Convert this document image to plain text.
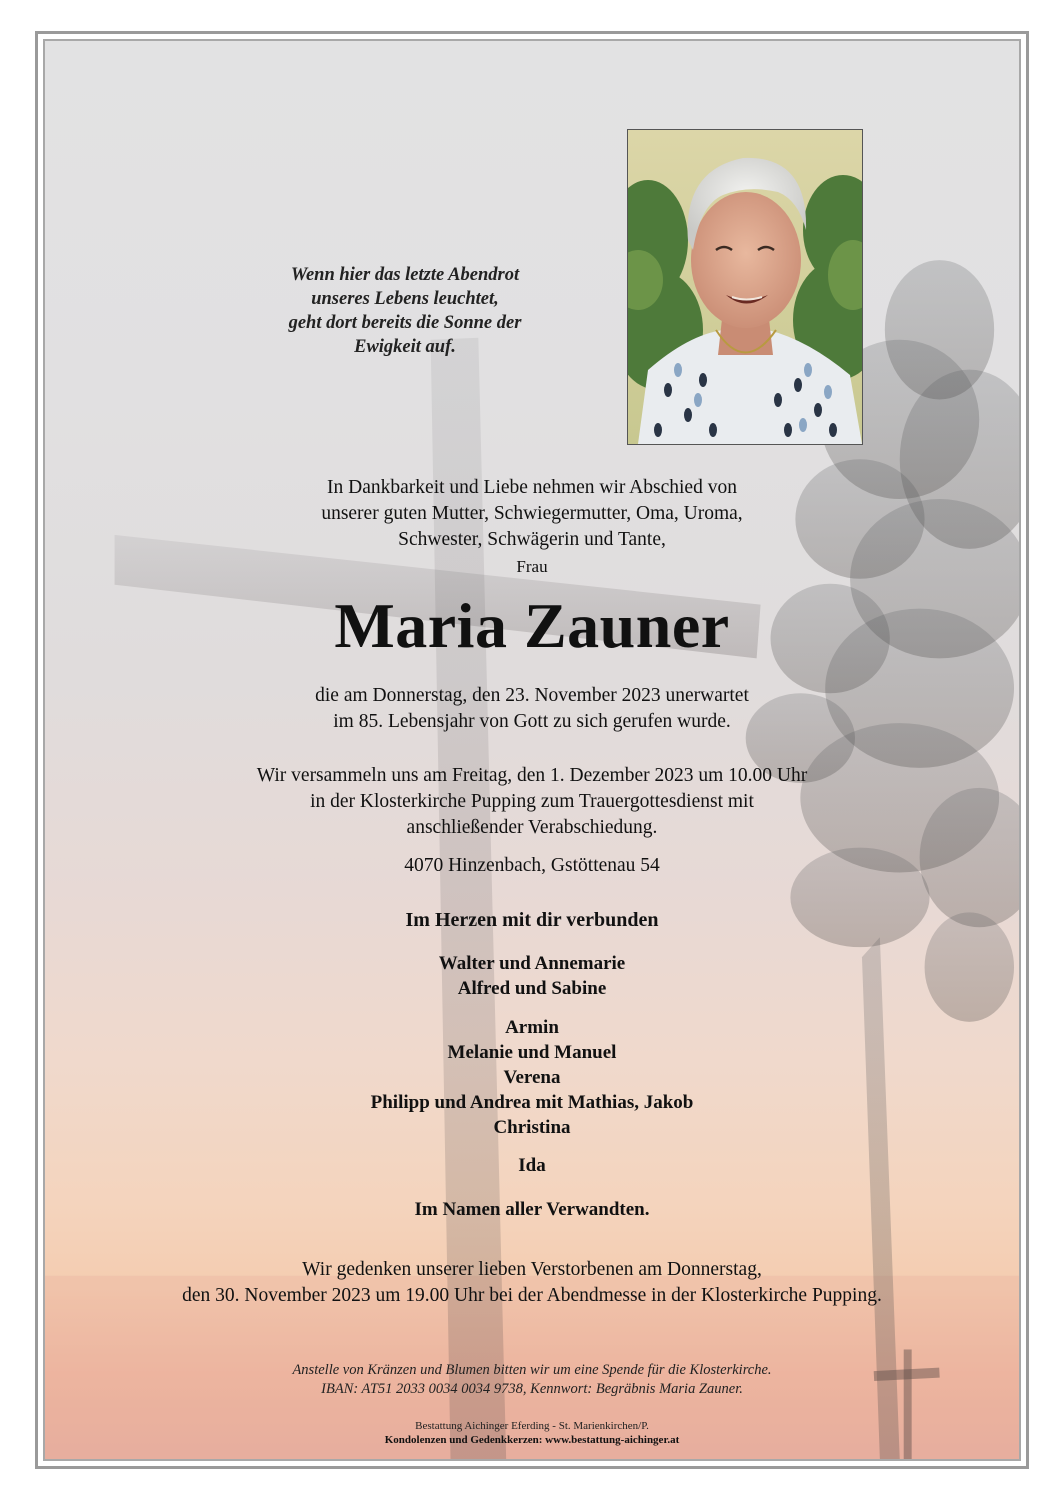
Wenn hier das letzte Abendrot
unseres Lebens leuchtet,
geht dort bereits die Sonne der
Ewigkeit auf.
In Dankbarkeit und Liebe nehmen wir Abschied von
unserer guten Mutter, Schwiegermutter, Oma, Uroma,
Schwester, Schwägerin und Tante,
Frau
Maria Zauner
die am Donnerstag, den 23. November 2023 unerwartet
im 85. Lebensjahr von Gott zu sich gerufen wurde.
Wir versammeln uns am Freitag, den 1. Dezember 2023 um 10.00 Uhr
in der Klosterkirche Pupping zum Trauergottesdienst mit
anschließender Verabschiedung.
4070 Hinzenbach, Gstöttenau 54
Im Herzen mit dir verbunden
Walter und Annemarie
Alfred und Sabine
Armin
Melanie und Manuel
Verena
Philipp und Andrea mit Mathias, Jakob
Christina
Ida
Im Namen aller Verwandten.
Wir gedenken unserer lieben Verstorbenen am Donnerstag,
den 30. November 2023 um 19.00 Uhr bei der Abendmesse in der Klosterkirche Pupping.
Anstelle von Kränzen und Blumen bitten wir um eine Spende für die Klosterkirche.
IBAN: AT51 2033 0034 0034 9738, Kennwort: Begräbnis Maria Zauner.
Bestattung Aichinger Eferding - St. Marienkirchen/P.
Kondolenzen und Gedenkkerzen: www.bestattung-aichinger.at
